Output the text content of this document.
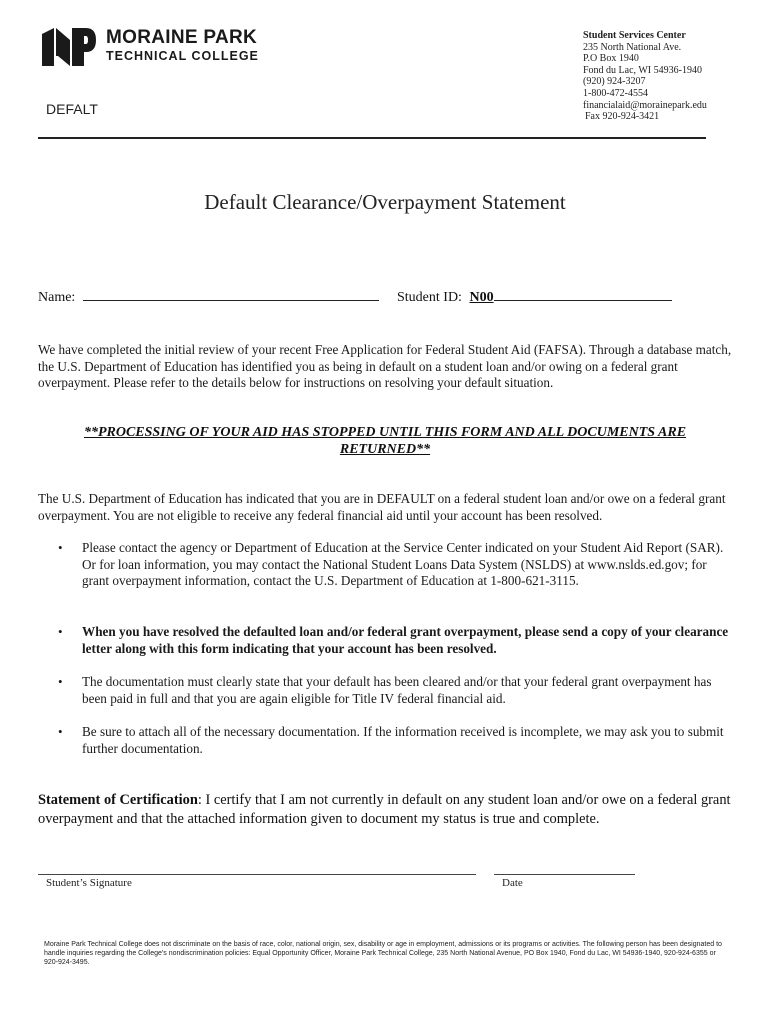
MORAINE PARK
TECHNICAL COLLEGE
DEFALT
Student Services Center
235 North National Ave.
P.O Box 1940
Fond du Lac, WI 54936-1940
(920) 924-3207
1-800-472-4554
financialaid@morainepark.edu
Fax 920-924-3421
Default Clearance/Overpayment Statement
Name:	Student ID: N00
We have completed the initial review of your recent Free Application for Federal Student Aid (FAFSA). Through a database match, the U.S. Department of Education has identified you as being in default on a student loan and/or owing on a federal grant overpayment. Please refer to the details below for instructions on resolving your default situation.
**PROCESSING OF YOUR AID HAS STOPPED UNTIL THIS FORM AND ALL DOCUMENTS ARE RETURNED**
The U.S. Department of Education has indicated that you are in DEFAULT on a federal student loan and/or owe on a federal grant overpayment. You are not eligible to receive any federal financial aid until your account has been resolved.
• Please contact the agency or Department of Education at the Service Center indicated on your Student Aid Report (SAR). Or for loan information, you may contact the National Student Loans Data System (NSLDS) at www.nslds.ed.gov; for grant overpayment information, contact the U.S. Department of Education at 1-800-621-3115.
• When you have resolved the defaulted loan and/or federal grant overpayment, please send a copy of your clearance letter along with this form indicating that your account has been resolved.
• The documentation must clearly state that your default has been cleared and/or that your federal grant overpayment has been paid in full and that you are again eligible for Title IV federal financial aid.
• Be sure to attach all of the necessary documentation. If the information received is incomplete, we may ask you to submit further documentation.
Statement of Certification: I certify that I am not currently in default on any student loan and/or owe on a federal grant overpayment and that the attached information given to document my status is true and complete.
Student’s Signature	Date
Moraine Park Technical College does not discriminate on the basis of race, color, national origin, sex, disability or age in employment, admissions or its programs or activities. The following person has been designated to handle inquiries regarding the College's nondiscrimination policies: Equal Opportunity Officer, Moraine Park Technical College, 235 North National Avenue, PO Box 1940, Fond du Lac, WI 54936-1940, 920-924-6355 or 920-924-3495.
